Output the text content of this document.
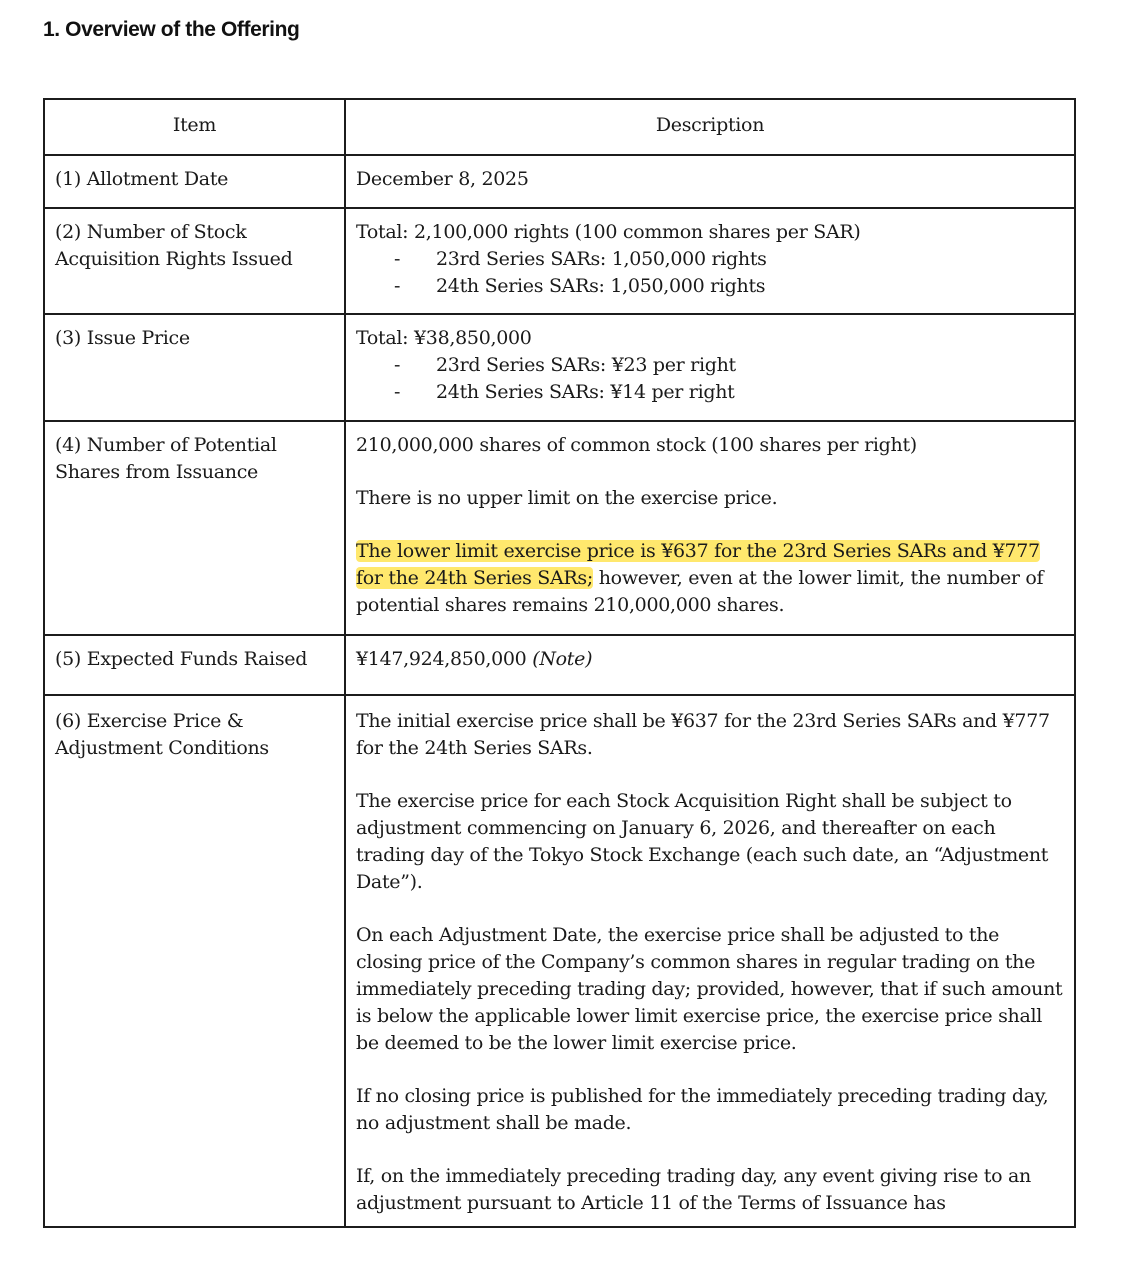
1. Overview of the Offering
Item	Description
(1) Allotment Date	December 8, 2025
(2) Number of Stock Acquisition Rights Issued	Total: 2,100,000 rights (100 common shares per SAR)
- 23rd Series SARs: 1,050,000 rights
- 24th Series SARs: 1,050,000 rights

(3) Issue Price	Total: ¥38,850,000
- 23rd Series SARs: ¥23 per right
- 24th Series SARs: ¥14 per right

(4) Number of Potential Shares from Issuance	210,000,000 shares of common stock (100 shares per right)

There is no upper limit on the exercise price.

The lower limit exercise price is ¥637 for the 23rd Series SARs and ¥777 for the 24th Series SARs; however, even at the lower limit, the number of potential shares remains 210,000,000 shares.

(5) Expected Funds Raised	¥147,924,850,000 (Note)
(6) Exercise Price & Adjustment Conditions	The initial exercise price shall be ¥637 for the 23rd Series SARs and ¥777 for the 24th Series SARs.

The exercise price for each Stock Acquisition Right shall be subject to adjustment commencing on January 6, 2026, and thereafter on each trading day of the Tokyo Stock Exchange (each such date, an “Adjustment Date”).

On each Adjustment Date, the exercise price shall be adjusted to the closing price of the Company’s common shares in regular trading on the immediately preceding trading day; provided, however, that if such amount is below the applicable lower limit exercise price, the exercise price shall be deemed to be the lower limit exercise price.

If no closing price is published for the immediately preceding trading day, no adjustment shall be made.

If, on the immediately preceding trading day, any event giving rise to an adjustment pursuant to Article 11 of the Terms of Issuance has
